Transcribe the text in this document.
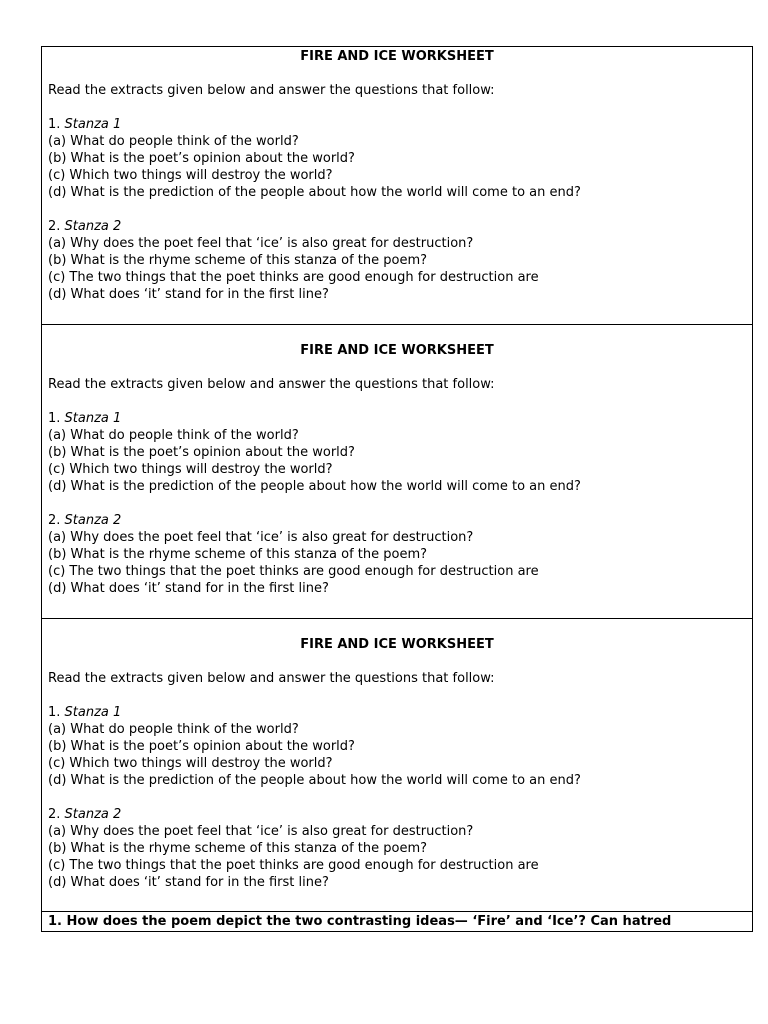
FIRE AND ICE WORKSHEET
Read the extracts given below and answer the questions that follow:
1. Stanza 1
(a) What do people think of the world?
(b) What is the poet’s opinion about the world?
(c) Which two things will destroy the world?
(d) What is the prediction of the people about how the world will come to an end?
2. Stanza 2
(a) Why does the poet feel that ‘ice’ is also great for destruction?
(b) What is the rhyme scheme of this stanza of the poem?
(c) The two things that the poet thinks are good enough for destruction are
(d) What does ‘it’ stand for in the first line?
FIRE AND ICE WORKSHEET
Read the extracts given below and answer the questions that follow:
1. Stanza 1
(a) What do people think of the world?
(b) What is the poet’s opinion about the world?
(c) Which two things will destroy the world?
(d) What is the prediction of the people about how the world will come to an end?
2. Stanza 2
(a) Why does the poet feel that ‘ice’ is also great for destruction?
(b) What is the rhyme scheme of this stanza of the poem?
(c) The two things that the poet thinks are good enough for destruction are
(d) What does ‘it’ stand for in the first line?
FIRE AND ICE WORKSHEET
Read the extracts given below and answer the questions that follow:
1. Stanza 1
(a) What do people think of the world?
(b) What is the poet’s opinion about the world?
(c) Which two things will destroy the world?
(d) What is the prediction of the people about how the world will come to an end?
2. Stanza 2
(a) Why does the poet feel that ‘ice’ is also great for destruction?
(b) What is the rhyme scheme of this stanza of the poem?
(c) The two things that the poet thinks are good enough for destruction are
(d) What does ‘it’ stand for in the first line?
1. How does the poem depict the two contrasting ideas— ‘Fire’ and ‘Ice’? Can hatred
